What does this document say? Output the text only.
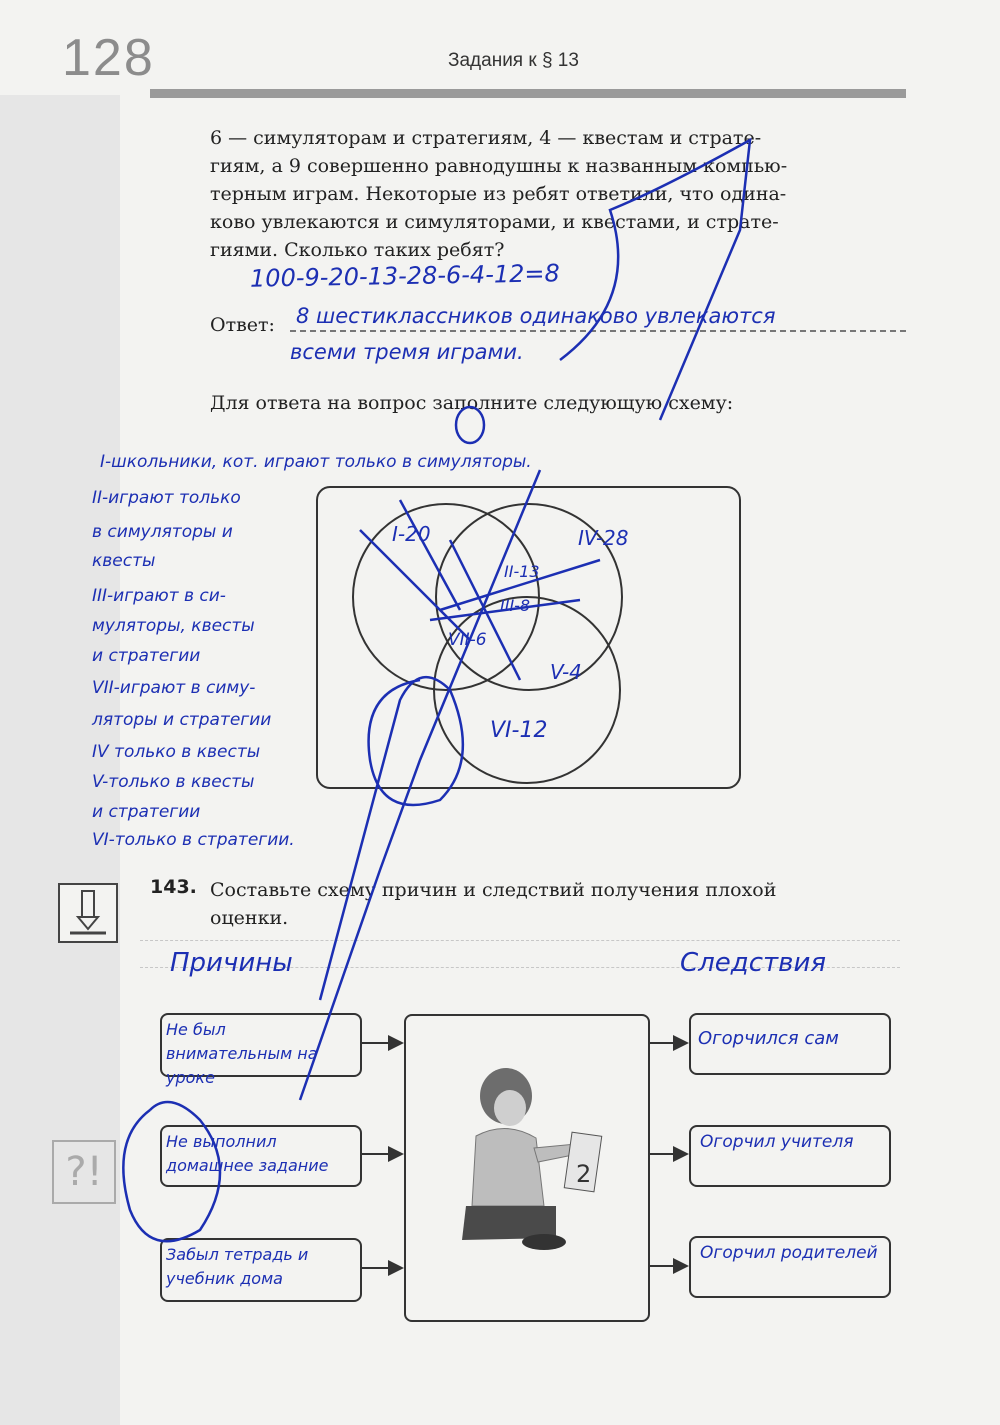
128	Задания к § 13
6 — симуляторам и стратегиям, 4 — квестам и страте-
гиям, а 9 совершенно равнодушны к названным компью-
терным играм. Некоторые из ребят ответили, что одина-
ково увлекаются и симуляторами, и квестами, и страте-
гиями. Сколько таких ребят?
100-9-20-13-28-6-4-12=8
Ответ: 8 шестиклассников одинаково увлекаются
всеми тремя играми.
Для ответа на вопрос заполните следующую схему:
I-школьники, кот. играют только в симуляторы.
II-играют только
в симуляторы и
квесты
III-играют в си-
муляторы, квесты
и стратегии
VII-играют в симу-
ляторы и стратегии
IV только в квесты
V-только в квесты
и стратегии
VI-только в стратегии.
I-20
II-13
III-8
IV-28
V-4
VI-12
VII-6
143. Составьте схему причин и следствий получения плохой
оценки.
Причины	Следствия
Не был внимательным на уроке
Не выполнил домашнее задание
Забыл тетрадь и учебник дома
2
Огорчился сам
Огорчил учителя
Огорчил родителей
?!
